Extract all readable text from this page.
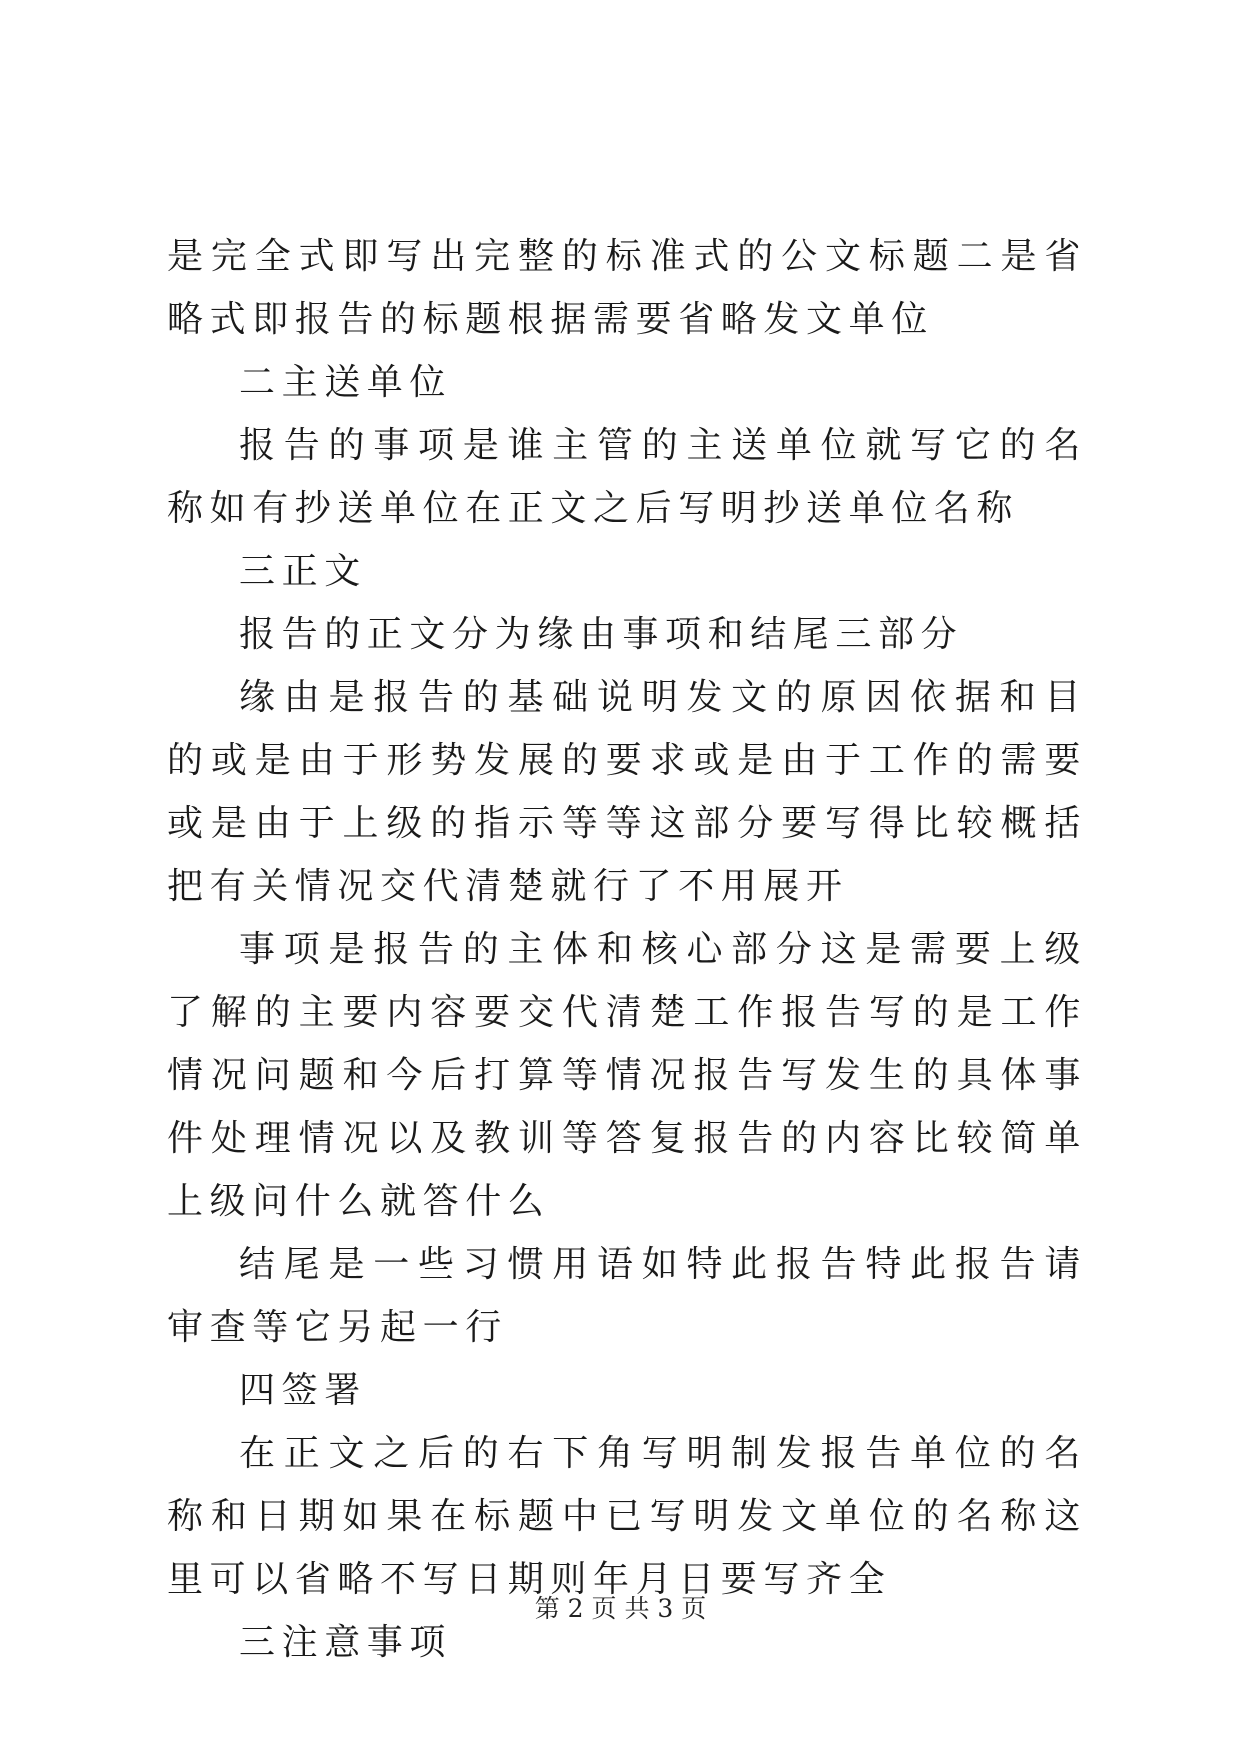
是完全式即写出完整的标准式的公文标题二是省略式即报告的标题根据需要省略发文单位

二主送单位

报告的事项是谁主管的主送单位就写它的名称如有抄送单位在正文之后写明抄送单位名称

三正文

报告的正文分为缘由事项和结尾三部分

缘由是报告的基础说明发文的原因依据和目的或是由于形势发展的要求或是由于工作的需要或是由于上级的指示等等这部分要写得比较概括把有关情况交代清楚就行了不用展开

事项是报告的主体和核心部分这是需要上级了解的主要内容要交代清楚工作报告写的是工作情况问题和今后打算等情况报告写发生的具体事件处理情况以及教训等答复报告的内容比较简单上级问什么就答什么

结尾是一些习惯用语如特此报告特此报告请审查等它另起一行

四签署

在正文之后的右下角写明制发报告单位的名称和日期如果在标题中已写明发文单位的名称这里可以省略不写日期则年月日要写齐全

三注意事项

第 2 页 共 3 页
